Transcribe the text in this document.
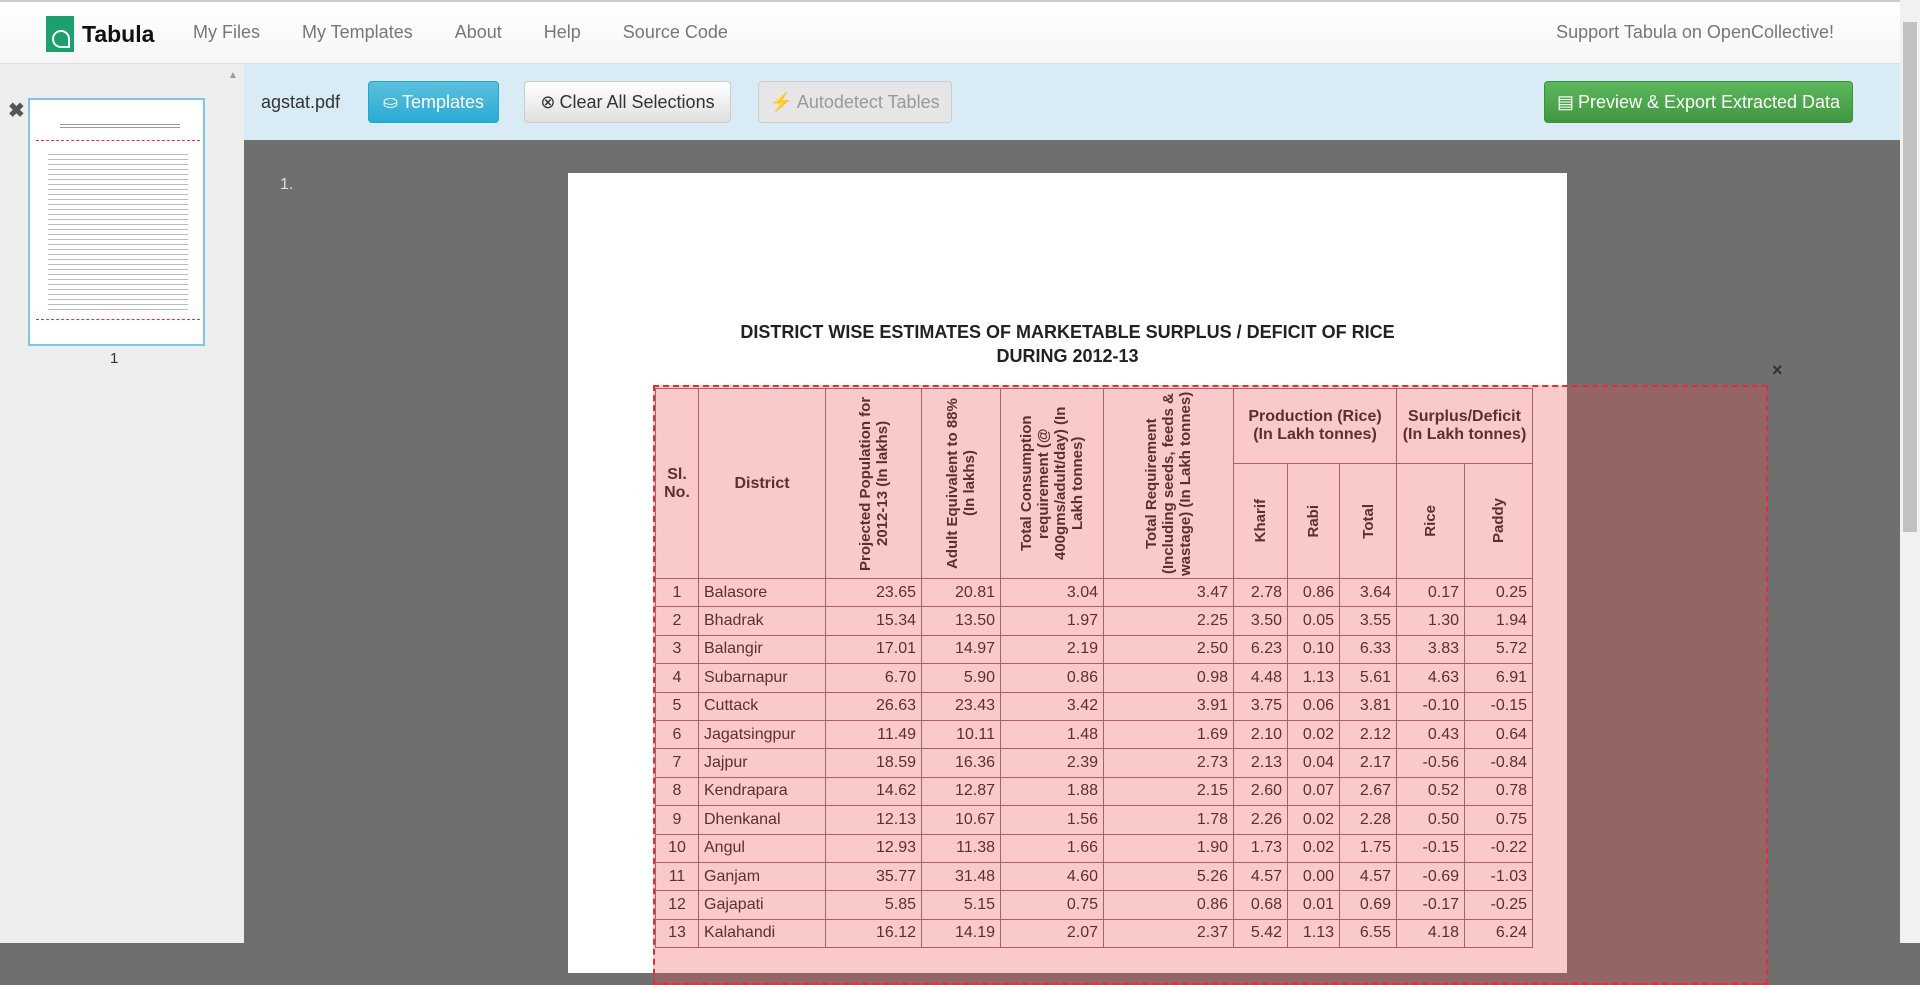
Tabula My Files My Templates About Help Source Code	Support Tabula on OpenCollective!
✖
▲
1
agstat.pdf ⛀ Templates	⊗ Clear All Selections	⚡ Autodetect Tables	▤ Preview & Export Extracted Data
1.
DISTRICT WISE ESTIMATES OF MARKETABLE SURPLUS / DEFICIT OF RICE
DURING 2012-13
Sl. No.	District	Projected Population for 2012-13 (In lakhs)	Adult Equivalent to 88% (In lakhs)	Total Consumption requirement (@ 400gms/adult/day) (In Lakh tonnes)	Total Requirement (Including seeds, feeds & wastage) (In Lakh tonnes)	Production (Rice) (In Lakh tonnes)			Surplus/Deficit (In Lakh tonnes)	

						Kharif	Rabi	Total	Rice	Paddy

1	Balasore	23.65	20.81	3.04	3.47	2.78	0.86	3.64	0.17	0.25
2	Bhadrak	15.34	13.50	1.97	2.25	3.50	0.05	3.55	1.30	1.94
3	Balangir	17.01	14.97	2.19	2.50	6.23	0.10	6.33	3.83	5.72
4	Subarnapur	6.70	5.90	0.86	0.98	4.48	1.13	5.61	4.63	6.91
5	Cuttack	26.63	23.43	3.42	3.91	3.75	0.06	3.81	-0.10	-0.15
6	Jagatsingpur	11.49	10.11	1.48	1.69	2.10	0.02	2.12	0.43	0.64
7	Jajpur	18.59	16.36	2.39	2.73	2.13	0.04	2.17	-0.56	-0.84
8	Kendrapara	14.62	12.87	1.88	2.15	2.60	0.07	2.67	0.52	0.78
9	Dhenkanal	12.13	10.67	1.56	1.78	2.26	0.02	2.28	0.50	0.75
10	Angul	12.93	11.38	1.66	1.90	1.73	0.02	1.75	-0.15	-0.22
11	Ganjam	35.77	31.48	4.60	5.26	4.57	0.00	4.57	-0.69	-1.03
12	Gajapati	5.85	5.15	0.75	0.86	0.68	0.01	0.69	-0.17	-0.25
13	Kalahandi	16.12	14.19	2.07	2.37	5.42	1.13	6.55	4.18	6.24
×
